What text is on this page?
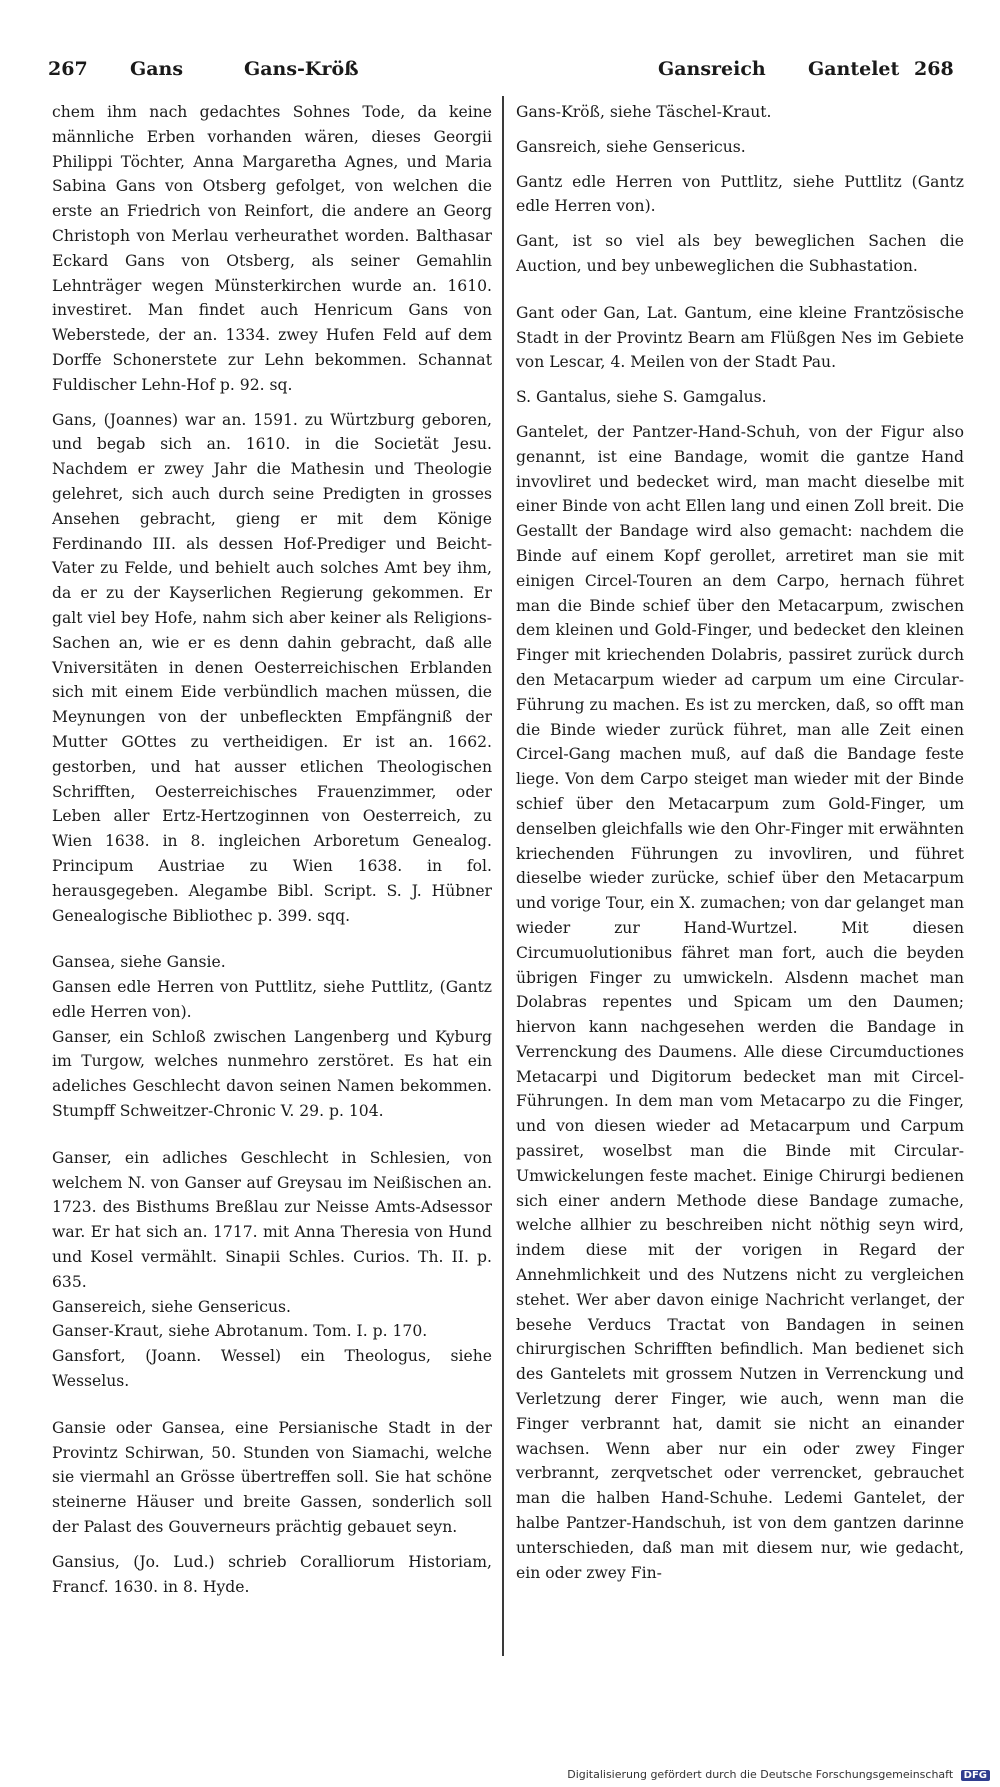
267 Gans	Gans-Kröß	Gansreich Gantelet 268

chem ihm nach gedachtes Sohnes Tode, da keine männliche Erben vorhanden wären, dieses Georgii Philippi Töchter, Anna Margaretha Agnes, und Maria Sabina Gans von Otsberg gefolget, von welchen die erste an Friedrich von Reinfort, die andere an Georg Christoph von Merlau verheurathet worden. Balthasar Eckard Gans von Otsberg, als seiner Gemahlin Lehnträger wegen Münsterkirchen wurde an. 1610. investiret. Man findet auch Henricum Gans von Weberstede, der an. 1334. zwey Hufen Feld auf dem Dorffe Schonerstete zur Lehn bekommen. Schannat Fuldischer Lehn-Hof p. 92. sq.

Gans, (Joannes) war an. 1591. zu Würtzburg geboren, und begab sich an. 1610. in die Societät Jesu. Nachdem er zwey Jahr die Mathesin und Theologie gelehret, sich auch durch seine Predigten in grosses Ansehen gebracht, gieng er mit dem Könige Ferdinando III. als dessen Hof-Prediger und Beicht-Vater zu Felde, und behielt auch solches Amt bey ihm, da er zu der Kayserlichen Regierung gekommen. Er galt viel bey Hofe, nahm sich aber keiner als Religions-Sachen an, wie er es denn dahin gebracht, daß alle Vniversitäten in denen Oesterreichischen Erblanden sich mit einem Eide verbündlich machen müssen, die Meynungen von der unbefleckten Empfängniß der Mutter GOttes zu vertheidigen. Er ist an. 1662. gestorben, und hat ausser etlichen Theologischen Schrifften, Oesterreichisches Frauenzimmer, oder Leben aller Ertz-Hertzoginnen von Oesterreich, zu Wien 1638. in 8. ingleichen Arboretum Genealog. Principum Austriae zu Wien 1638. in fol. herausgegeben. Alegambe Bibl. Script. S. J. Hübner Genealogische Bibliothec p. 399. sqq.

Gansea, siehe Gansie.

Gansen edle Herren von Puttlitz, siehe Puttlitz, (Gantz edle Herren von).

Ganser, ein Schloß zwischen Langenberg und Kyburg im Turgow, welches nunmehro zerstöret. Es hat ein adeliches Geschlecht davon seinen Namen bekommen. Stumpff Schweitzer-Chronic V. 29. p. 104.

Ganser, ein adliches Geschlecht in Schlesien, von welchem N. von Ganser auf Greysau im Neißischen an. 1723. des Bisthums Breßlau zur Neisse Amts-Adsessor war. Er hat sich an. 1717. mit Anna Theresia von Hund und Kosel vermählt. Sinapii Schles. Curios. Th. II. p. 635.

Gansereich, siehe Gensericus.

Ganser-Kraut, siehe Abrotanum. Tom. I. p. 170.

Gansfort, (Joann. Wessel) ein Theologus, siehe Wesselus.

Gansie oder Gansea, eine Persianische Stadt in der Provintz Schirwan, 50. Stunden von Siamachi, welche sie viermahl an Grösse übertreffen soll. Sie hat schöne steinerne Häuser und breite Gassen, sonderlich soll der Palast des Gouverneurs prächtig gebauet seyn.

Gansius, (Jo. Lud.) schrieb Coralliorum Historiam, Francf. 1630. in 8. Hyde.

Gans-Kröß, siehe Täschel-Kraut.

Gansreich, siehe Gensericus.

Gantz edle Herren von Puttlitz, siehe Puttlitz (Gantz edle Herren von).

Gant, ist so viel als bey beweglichen Sachen die Auction, und bey unbeweglichen die Subhastation.

Gant oder Gan, Lat. Gantum, eine kleine Frantzösische Stadt in der Provintz Bearn am Flüßgen Nes im Gebiete von Lescar, 4. Meilen von der Stadt Pau.

S. Gantalus, siehe S. Gamgalus.

Gantelet, der Pantzer-Hand-Schuh, von der Figur also genannt, ist eine Bandage, womit die gantze Hand invovliret und bedecket wird, man macht dieselbe mit einer Binde von acht Ellen lang und einen Zoll breit. Die Gestallt der Bandage wird also gemacht: nachdem die Binde auf einem Kopf gerollet, arretiret man sie mit einigen Circel-Touren an dem Carpo, hernach führet man die Binde schief über den Metacarpum, zwischen dem kleinen und Gold-Finger, und bedecket den kleinen Finger mit kriechenden Dolabris, passiret zurück durch den Metacarpum wieder ad carpum um eine Circular-Führung zu machen. Es ist zu mercken, daß, so offt man die Binde wieder zurück führet, man alle Zeit einen Circel-Gang machen muß, auf daß die Bandage feste liege. Von dem Carpo steiget man wieder mit der Binde schief über den Metacarpum zum Gold-Finger, um denselben gleichfalls wie den Ohr-Finger mit erwähnten kriechenden Führungen zu invovliren, und führet dieselbe wieder zurücke, schief über den Metacarpum und vorige Tour, ein X. zumachen; von dar gelanget man wieder zur Hand-Wurtzel. Mit diesen Circumuolutionibus fähret man fort, auch die beyden übrigen Finger zu umwickeln. Alsdenn machet man Dolabras repentes und Spicam um den Daumen; hiervon kann nachgesehen werden die Bandage in Verrenckung des Daumens. Alle diese Circumductiones Metacarpi und Digitorum bedecket man mit Circel-Führungen. In dem man vom Metacarpo zu die Finger, und von diesen wieder ad Metacarpum und Carpum passiret, woselbst man die Binde mit Circular-Umwickelungen feste machet. Einige Chirurgi bedienen sich einer andern Methode diese Bandage zumache, welche allhier zu beschreiben nicht nöthig seyn wird, indem diese mit der vorigen in Regard der Annehmlichkeit und des Nutzens nicht zu vergleichen stehet. Wer aber davon einige Nachricht verlanget, der besehe Verducs Tractat von Bandagen in seinen chirurgischen Schrifften befindlich. Man bedienet sich des Gantelets mit grossem Nutzen in Verrenckung und Verletzung derer Finger, wie auch, wenn man die Finger verbrannt hat, damit sie nicht an einander wachsen. Wenn aber nur ein oder zwey Finger verbrannt, zerqvetschet oder verrencket, gebrauchet man die halben Hand-Schuhe. Ledemi Gantelet, der halbe Pantzer-Handschuh, ist von dem gantzen darinne unterschieden, daß man mit diesem nur, wie gedacht, ein oder zwey Fin-

Digitalisierung gefördert durch die Deutsche Forschungsgemeinschaft DFG
